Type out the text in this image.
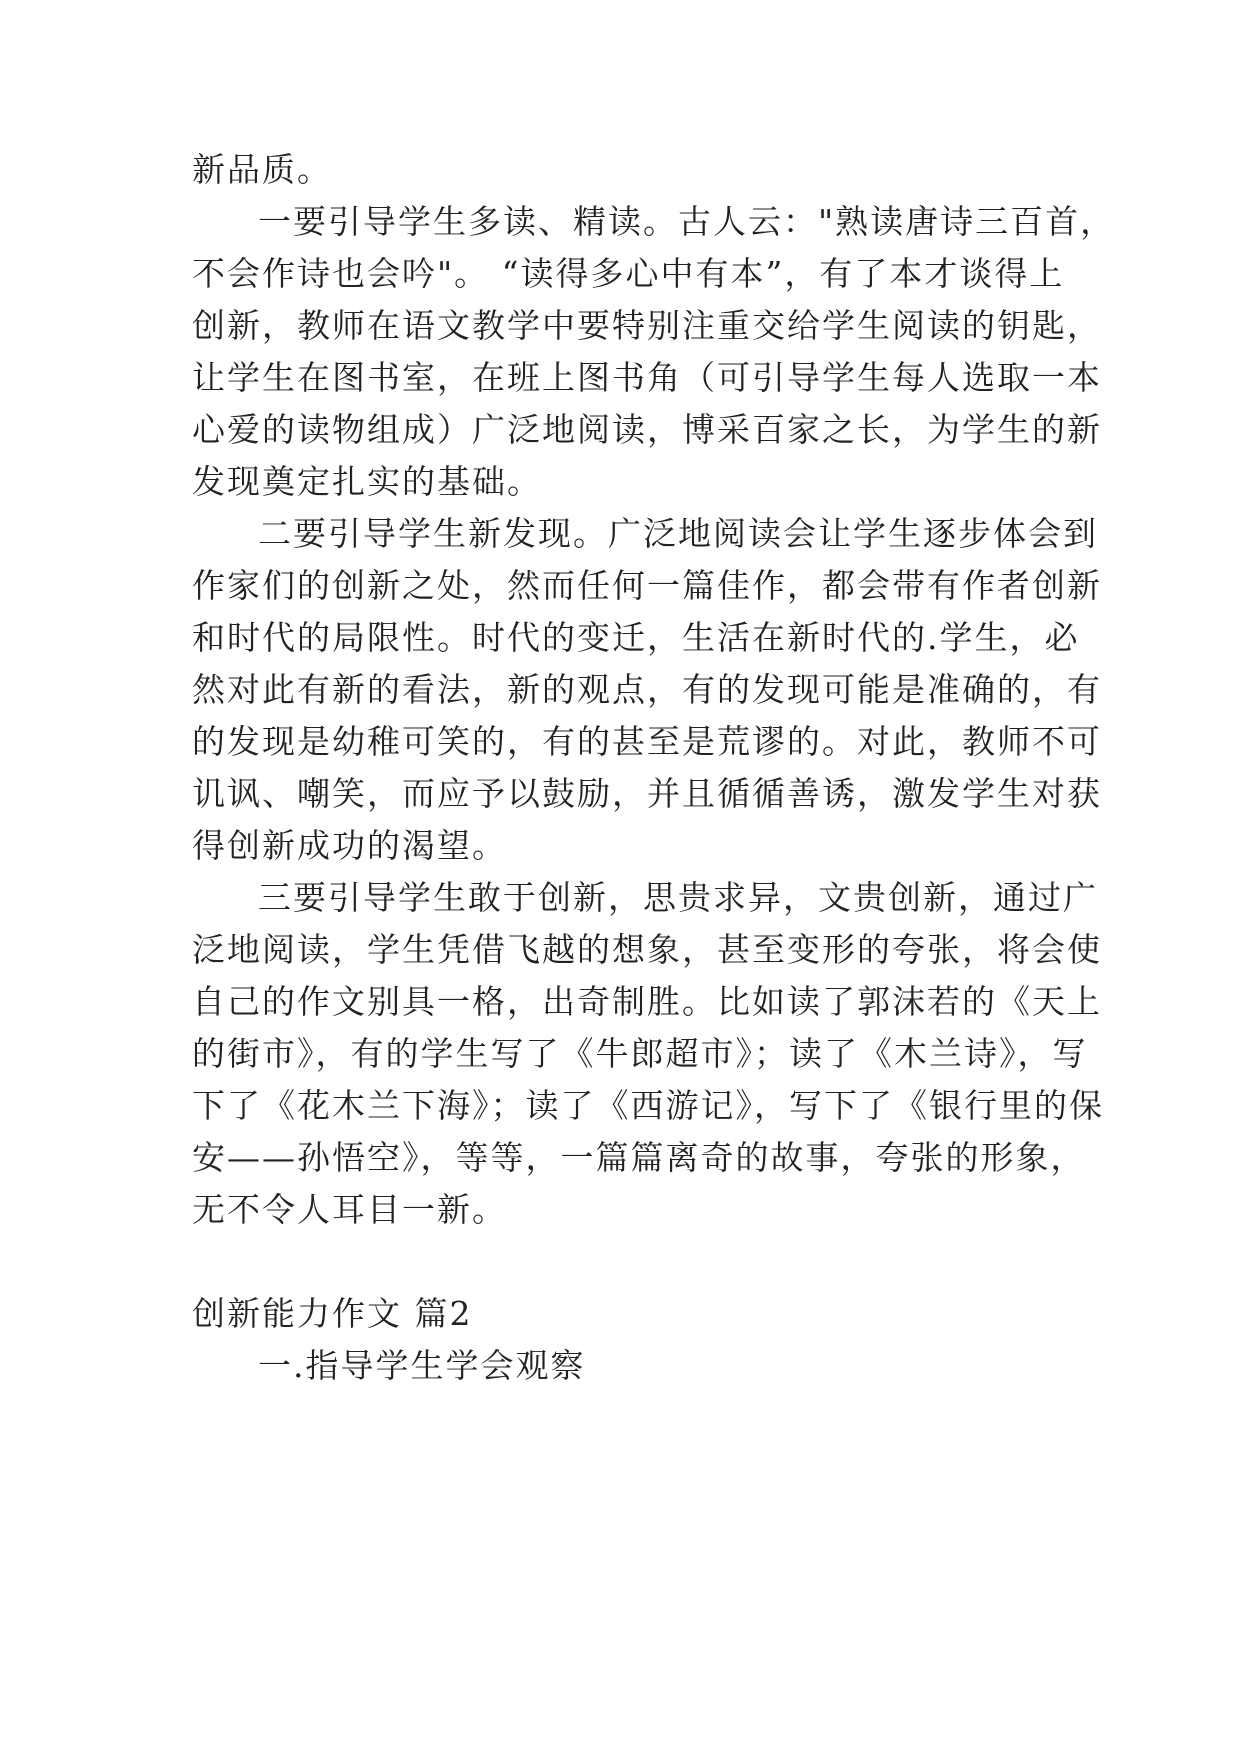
新品质。
一要引导学生多读、精读。古人云："熟读唐诗三百首，
不会作诗也会吟"。 “读得多心中有本”，有了本才谈得上
创新，教师在语文教学中要特别注重交给学生阅读的钥匙，
让学生在图书室，在班上图书角（可引导学生每人选取一本
心爱的读物组成）广泛地阅读，博采百家之长，为学生的新
发现奠定扎实的基础。
二要引导学生新发现。广泛地阅读会让学生逐步体会到
作家们的创新之处，然而任何一篇佳作，都会带有作者创新
和时代的局限性。时代的变迁，生活在新时代的.学生，必
然对此有新的看法，新的观点，有的发现可能是准确的，有
的发现是幼稚可笑的，有的甚至是荒谬的。对此，教师不可
讥讽、嘲笑，而应予以鼓励，并且循循善诱，激发学生对获
得创新成功的渴望。
三要引导学生敢于创新，思贵求异，文贵创新，通过广
泛地阅读，学生凭借飞越的想象，甚至变形的夸张，将会使
自己的作文别具一格，出奇制胜。比如读了郭沫若的《天上
的街市》，有的学生写了《牛郎超市》；读了《木兰诗》，写
下了《花木兰下海》；读了《西游记》，写下了《银行里的保
安——孙悟空》，等等，一篇篇离奇的故事，夸张的形象，
无不令人耳目一新。
创新能力作文 篇2
一.指导学生学会观察
